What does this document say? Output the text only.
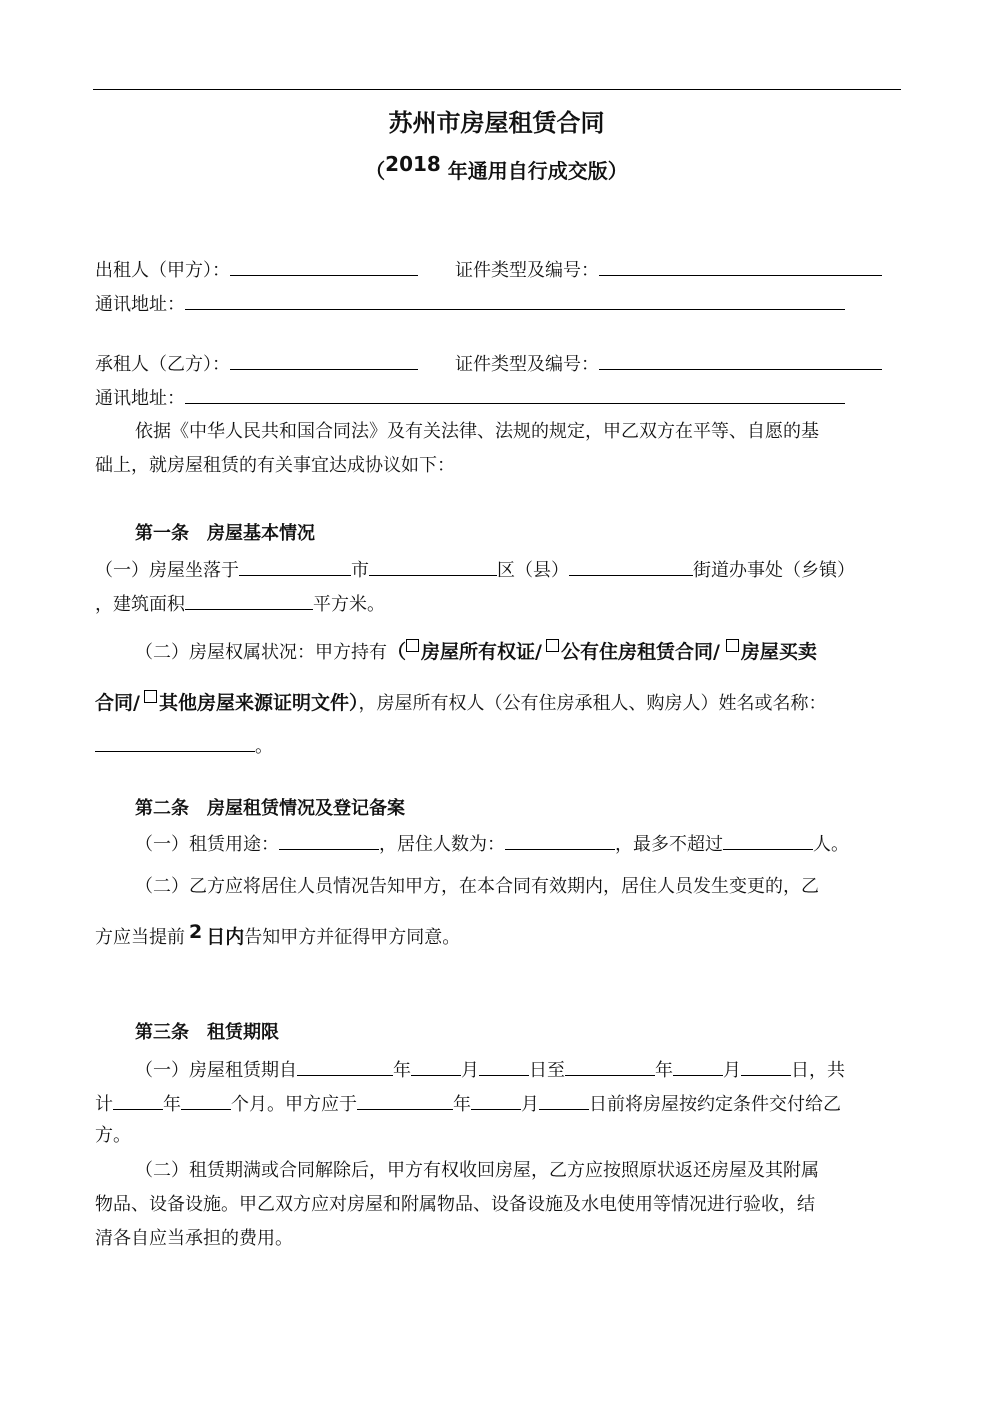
苏州市房屋租赁合同
（2018 年通用自行成交版）
出租人（甲方）：	证件类型及编号：
通讯地址：
承租人（乙方）：	证件类型及编号：
通讯地址：
依据《中华人民共和国合同法》及有关法律、法规的规定，甲乙双方在平等、自愿的基
础上，就房屋租赁的有关事宜达成协议如下：
第一条　房屋基本情况
（一）房屋坐落于	市	区（县）	街道办事处（乡镇）
，建筑面积	平方米。
（二）房屋权属状况：甲方持有（ 房屋所有权证/ 公有住房租赁合同/ 房屋买卖
合同/ 其他房屋来源证明文件），房屋所有权人（公有住房承租人、购房人）姓名或名称：
。
第二条　房屋租赁情况及登记备案
（一）租赁用途：	，居住人数为：	，最多不超过	人。
（二）乙方应将居住人员情况告知甲方，在本合同有效期内，居住人员发生变更的，乙
方应当提前 2 日内告知甲方并征得甲方同意。
第三条　租赁期限
（一）房屋租赁期自	年	月	日至	年	月	日，共
计	年	个月。甲方应于	年	月	日前将房屋按约定条件交付给乙
方。
（二）租赁期满或合同解除后，甲方有权收回房屋，乙方应按照原状返还房屋及其附属
物品、设备设施。甲乙双方应对房屋和附属物品、设备设施及水电使用等情况进行验收，结
清各自应当承担的费用。
